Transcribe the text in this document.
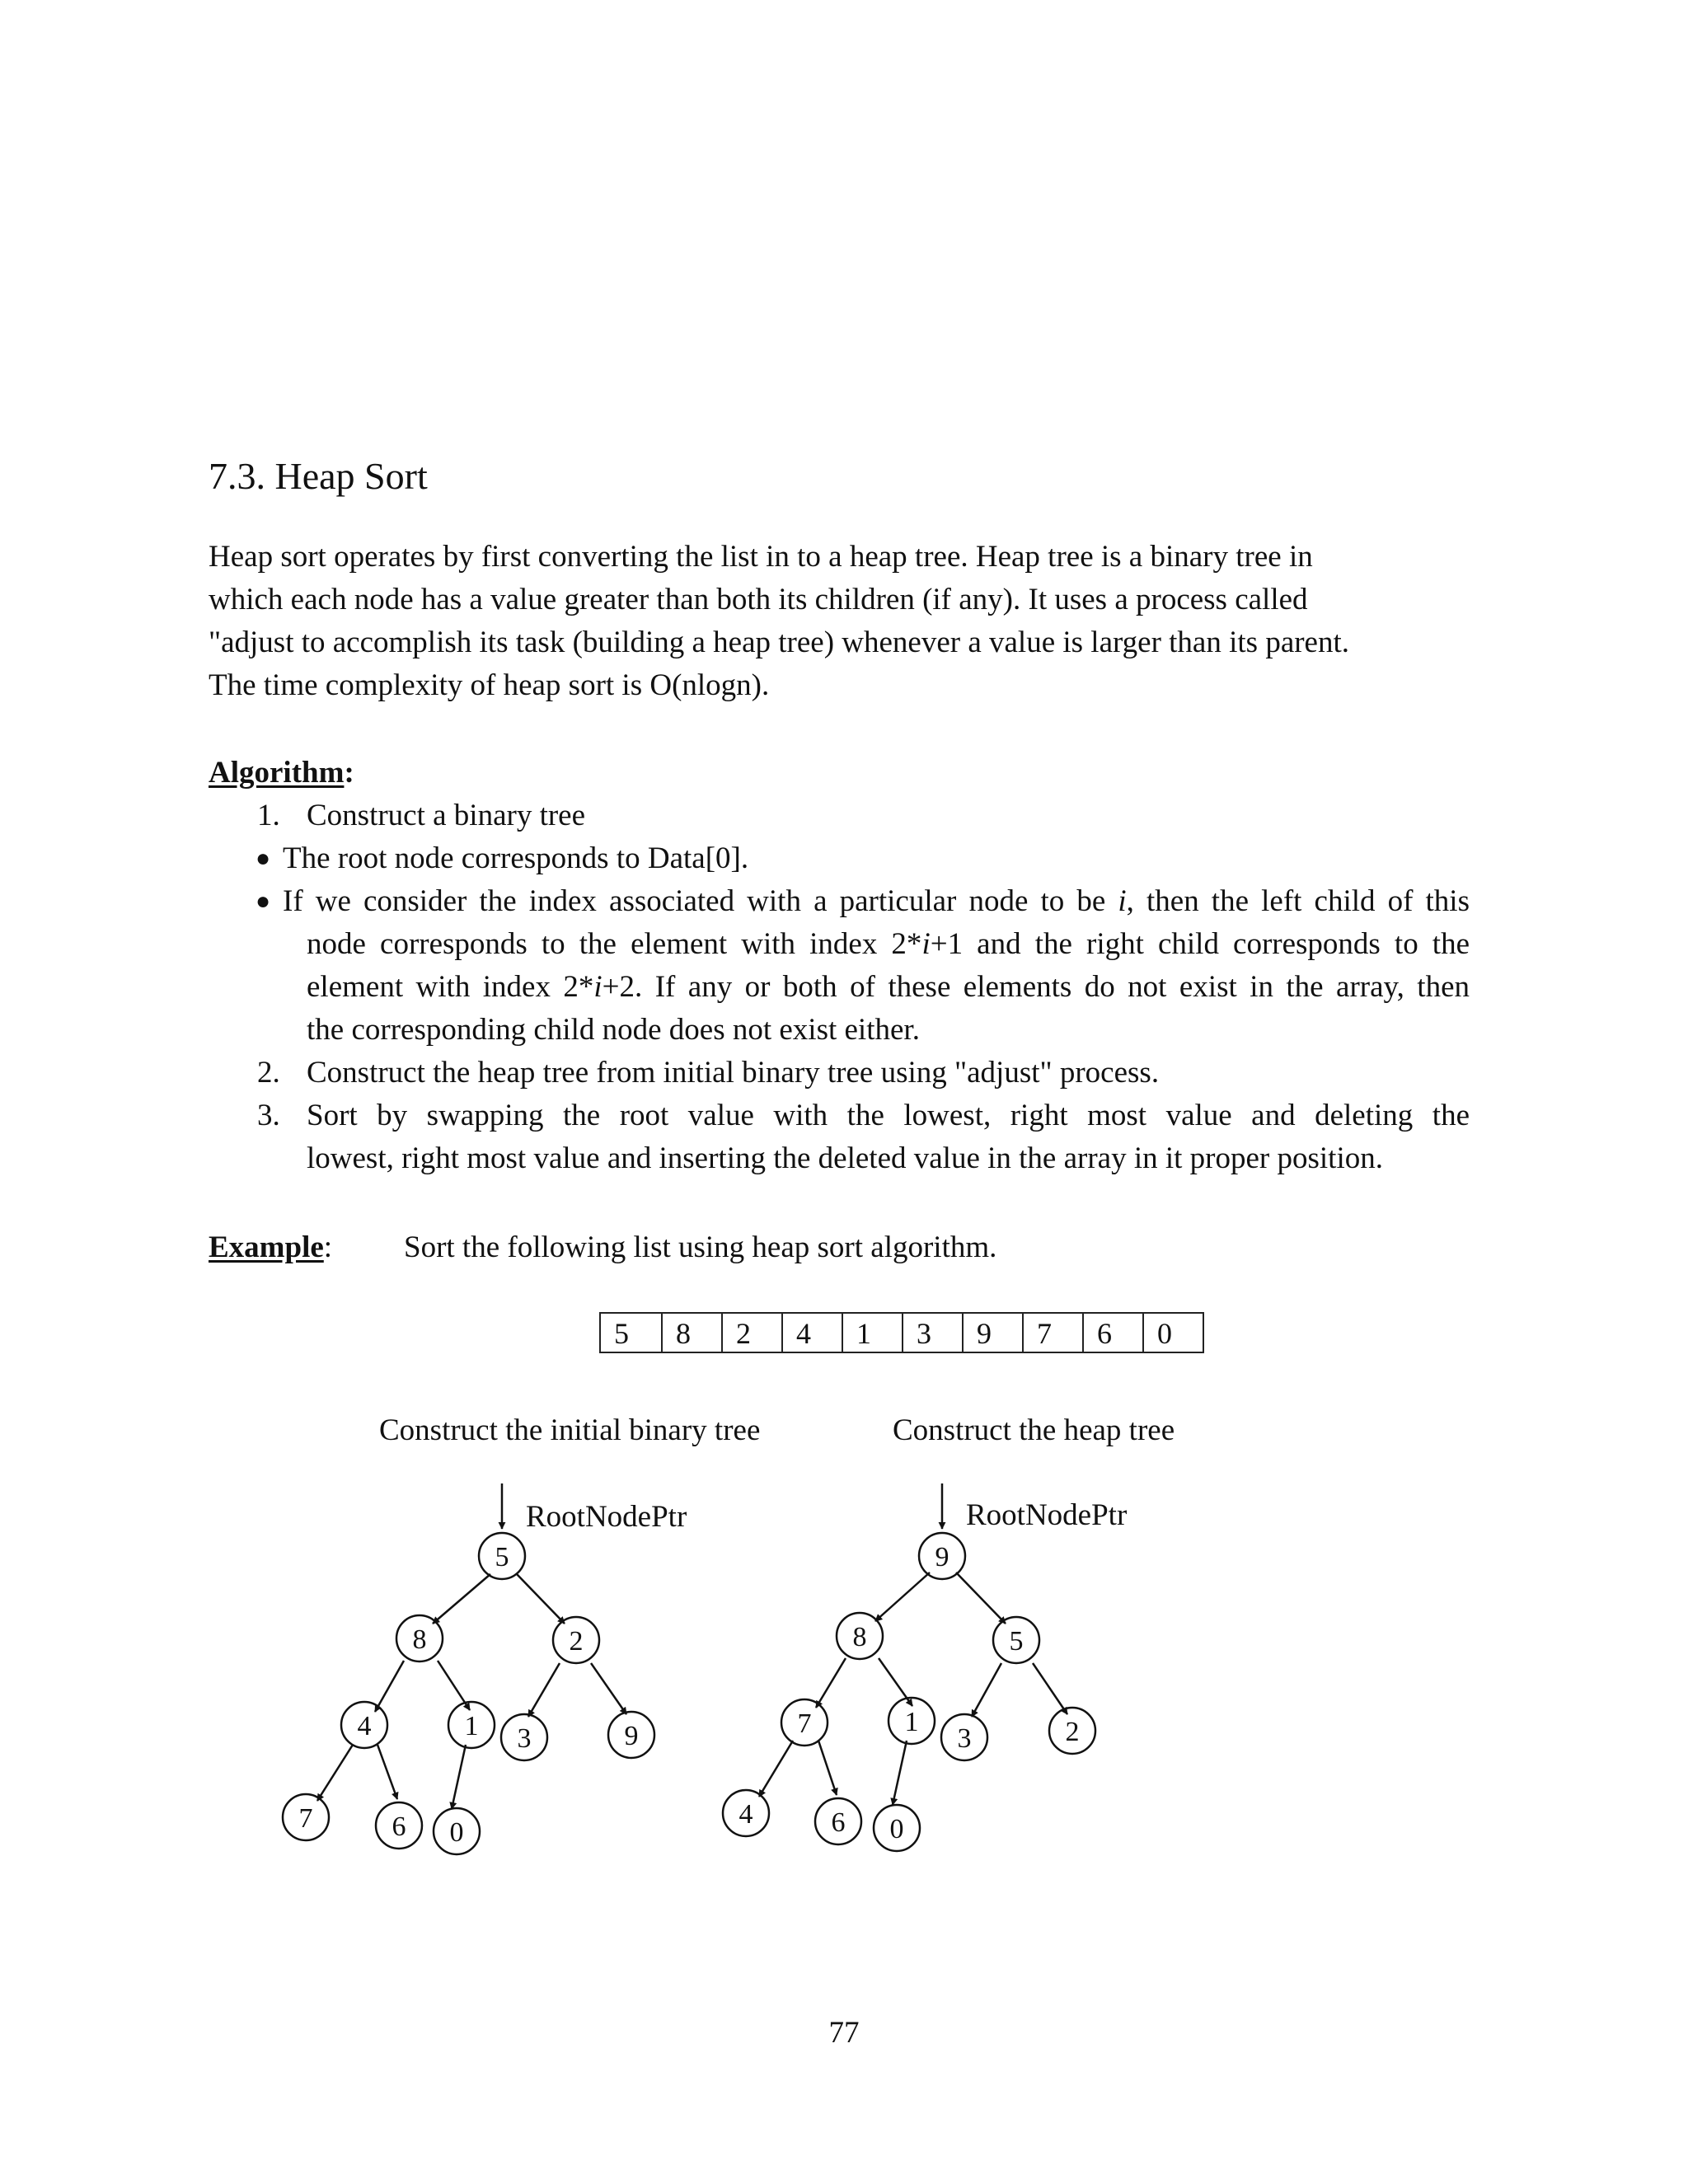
7.3. Heap Sort
Heap sort operates by first converting the list in to a heap tree. Heap tree is a binary tree in
which each node has a value greater than both its children (if any). It uses a process called
"adjust to accomplish its task (building a heap tree) whenever a value is larger than its parent.
The time complexity of heap sort is O(nlogn).
Algorithm:
1. Construct a binary tree
● The root node corresponds to Data[0].
● If we consider the index associated with a particular node to be i, then the left child of this
node corresponds to the element with index 2*i+1 and the right child corresponds to the
element with index 2*i+2. If any or both of these elements do not exist in the array, then
the corresponding child node does not exist either.
2. Construct the heap tree from initial binary tree using "adjust" process.
3. Sort by swapping the root value with the lowest, right most value and deleting the
lowest, right most value and inserting the deleted value in the array in it proper position.
Example: Sort the following list using heap sort algorithm.
5	8	2	4	1	3	9	7	6	0
Construct the initial binary tree	Construct the heap tree
RootNodePtr
5
8	2
4	1 3	9
7	6 0
RootNodePtr
9
8	5
7	1
3	2
4	6 0
77
